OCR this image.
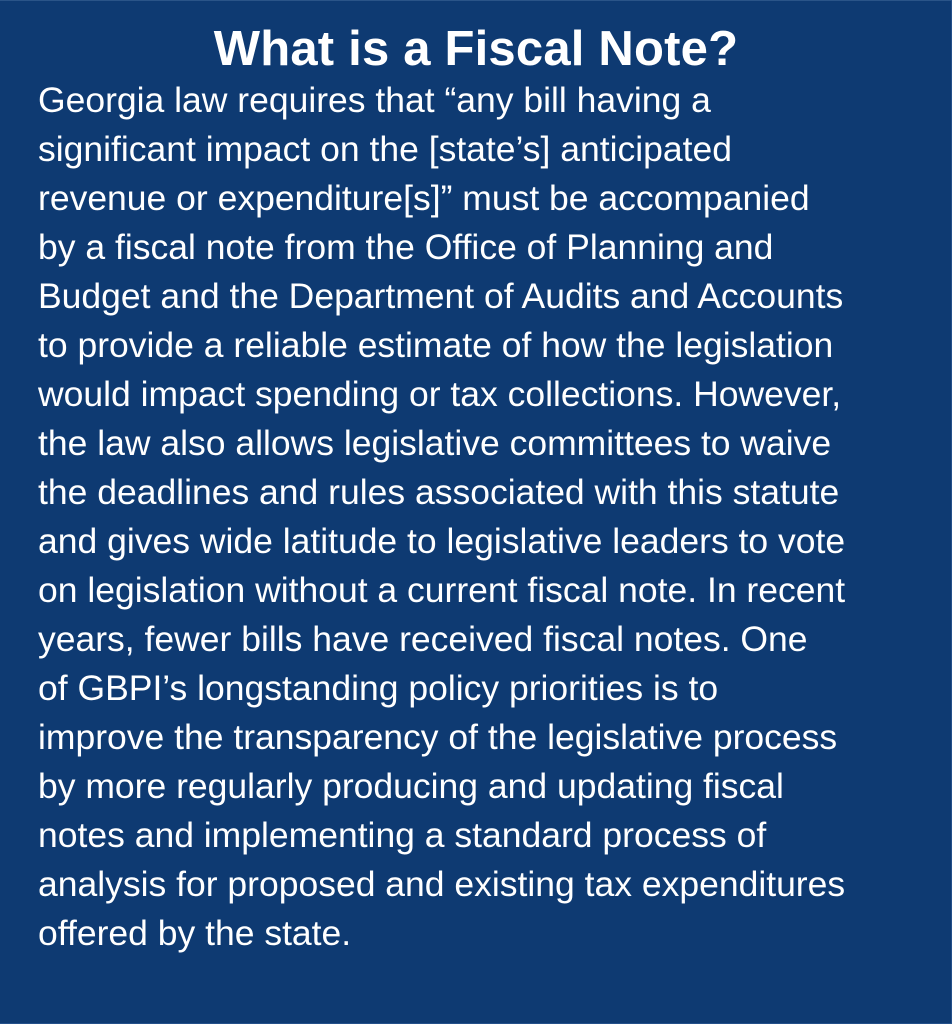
What is a Fiscal Note?

Georgia law requires that “any bill having a
significant impact on the [state’s] anticipated
revenue or expenditure[s]” must be accompanied
by a fiscal note from the Office of Planning and
Budget and the Department of Audits and Accounts
to provide a reliable estimate of how the legislation
would impact spending or tax collections. However,
the law also allows legislative committees to waive
the deadlines and rules associated with this statute
and gives wide latitude to legislative leaders to vote
on legislation without a current fiscal note. In recent
years, fewer bills have received fiscal notes. One
of GBPI’s longstanding policy priorities is to
improve the transparency of the legislative process
by more regularly producing and updating fiscal
notes and implementing a standard process of
analysis for proposed and existing tax expenditures
offered by the state.
